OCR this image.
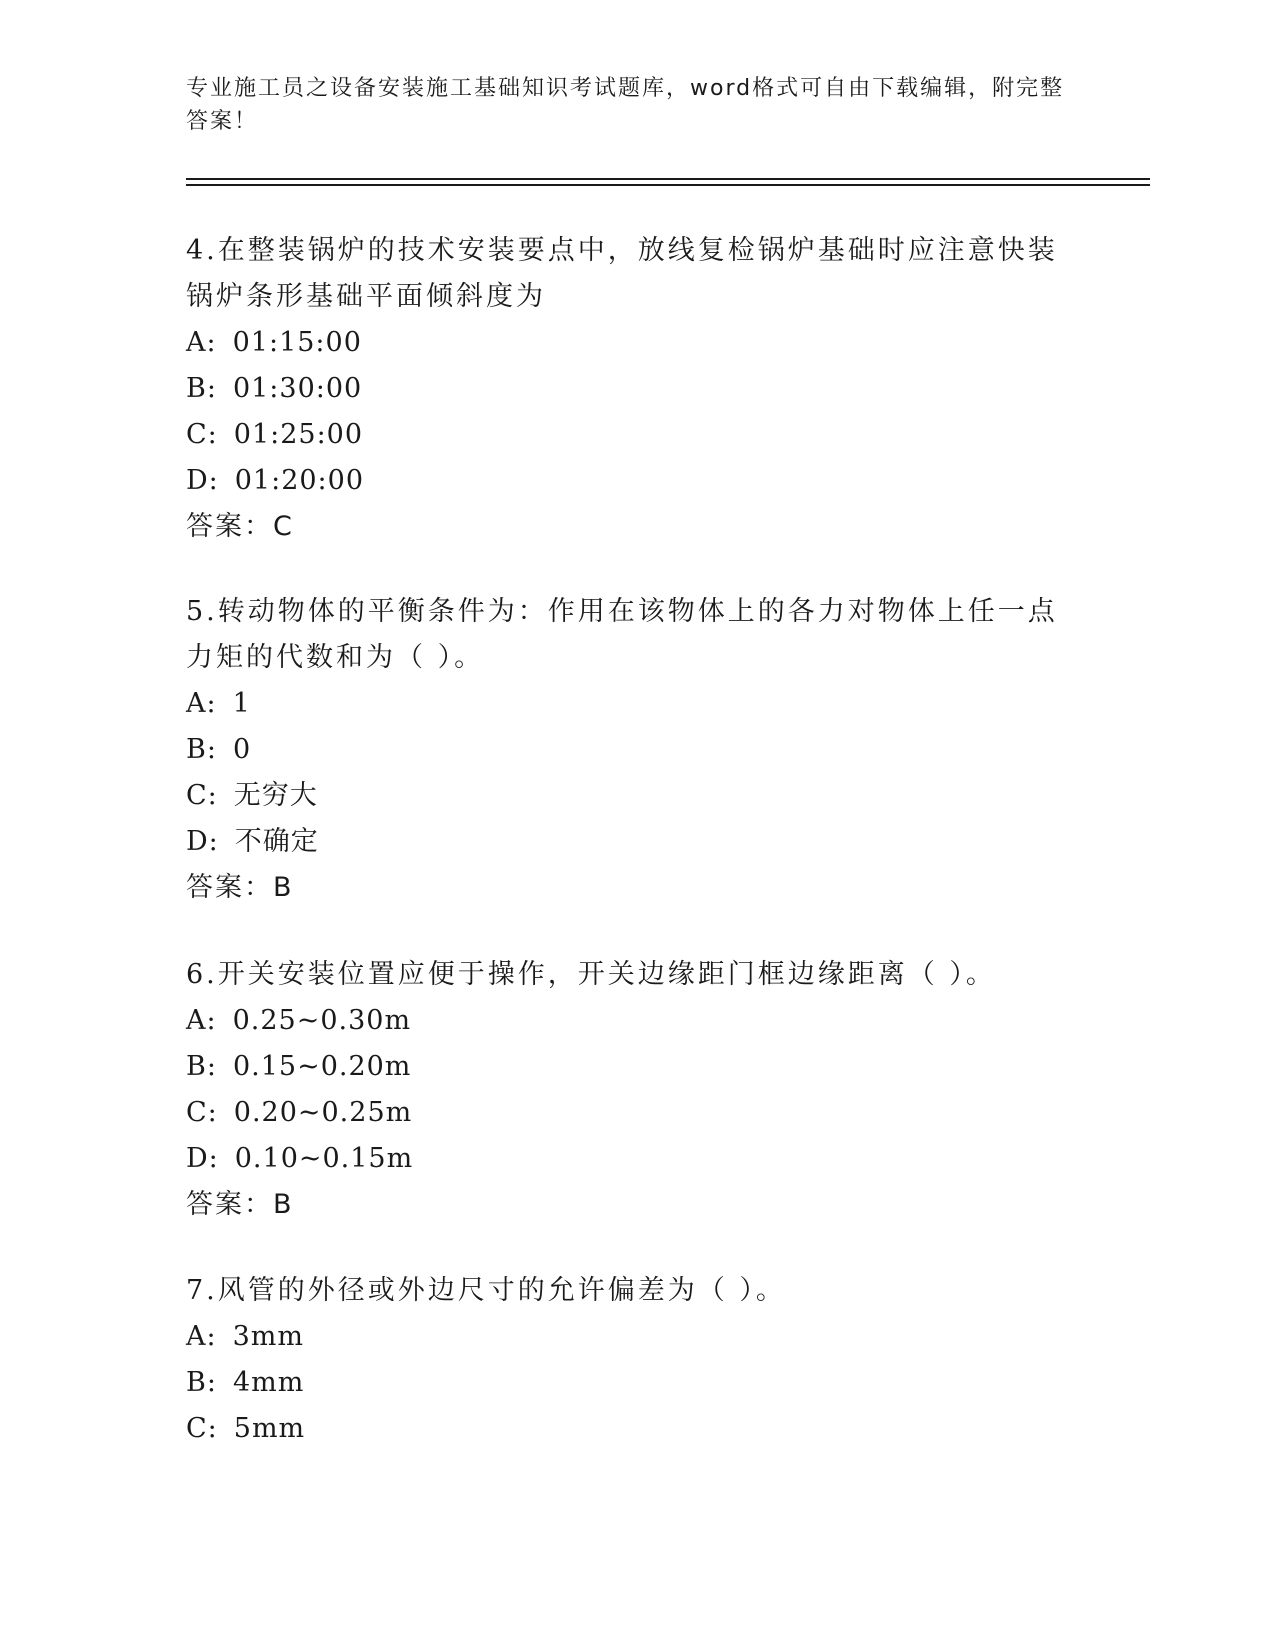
专业施工员之设备安装施工基础知识考试题库，word格式可自由下载编辑，附完整答案！
4.在整装锅炉的技术安装要点中，放线复检锅炉基础时应注意快装锅炉条形基础平面倾斜度为
A: 01:15:00
B: 01:30:00
C: 01:25:00
D: 01:20:00
答案：C
5.转动物体的平衡条件为：作用在该物体上的各力对物体上任一点力矩的代数和为（ ）。
A: 1
B: 0
C: 无穷大
D: 不确定
答案：B
6.开关安装位置应便于操作，开关边缘距门框边缘距离（ ）。
A: 0.25~0.30m
B: 0.15~0.20m
C: 0.20~0.25m
D: 0.10~0.15m
答案：B
7.风管的外径或外边尺寸的允许偏差为（ ）。
A: 3mm
B: 4mm
C: 5mm
